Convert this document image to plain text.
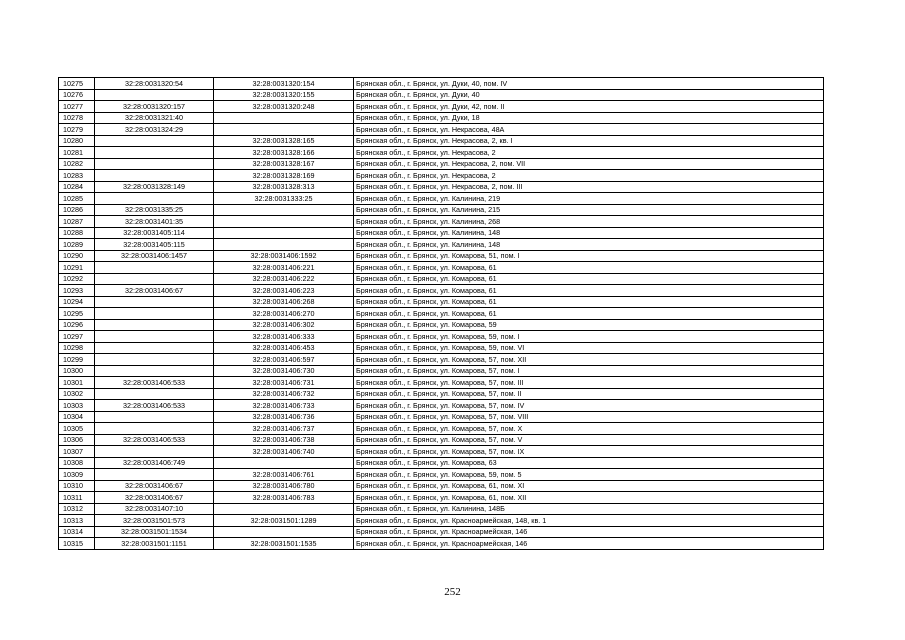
10275	32:28:0031320:54	32:28:0031320:154	Брянская обл., г. Брянск, ул. Дуки, 40, пом. IV
10276		32:28:0031320:155	Брянская обл., г. Брянск, ул. Дуки, 40
10277	32:28:0031320:157	32:28:0031320:248	Брянская обл., г. Брянск, ул. Дуки, 42, пом. II
10278	32:28:0031321:40		Брянская обл., г. Брянск, ул. Дуки, 18
10279	32:28:0031324:29		Брянская обл., г. Брянск, ул. Некрасова, 48А
10280		32:28:0031328:165	Брянская обл., г. Брянск, ул. Некрасова, 2, кв. I
10281		32:28:0031328:166	Брянская обл., г. Брянск, ул. Некрасова, 2
10282		32:28:0031328:167	Брянская обл., г. Брянск, ул. Некрасова, 2, пом. VII
10283		32:28:0031328:169	Брянская обл., г. Брянск, ул. Некрасова, 2
10284	32:28:0031328:149	32:28:0031328:313	Брянская обл., г. Брянск, ул. Некрасова, 2, пом. III
10285		32:28:0031333:25	Брянская обл., г. Брянск, ул. Калинина, 219
10286	32:28:0031335:25		Брянская обл., г. Брянск, ул. Калинина, 215
10287	32:28:0031401:35		Брянская обл., г. Брянск, ул. Калинина, 268
10288	32:28:0031405:114		Брянская обл., г. Брянск, ул. Калинина, 148
10289	32:28:0031405:115		Брянская обл., г. Брянск, ул. Калинина, 148
10290	32:28:0031406:1457	32:28:0031406:1592	Брянская обл., г. Брянск, ул. Комарова, 51, пом. I
10291		32:28:0031406:221	Брянская обл., г. Брянск, ул. Комарова, 61
10292		32:28:0031406:222	Брянская обл., г. Брянск, ул. Комарова, 61
10293	32:28:0031406:67	32:28:0031406:223	Брянская обл., г. Брянск, ул. Комарова, 61
10294		32:28:0031406:268	Брянская обл., г. Брянск, ул. Комарова, 61
10295		32:28:0031406:270	Брянская обл., г. Брянск, ул. Комарова, 61
10296		32:28:0031406:302	Брянская обл., г. Брянск, ул. Комарова, 59
10297		32:28:0031406:333	Брянская обл., г. Брянск, ул. Комарова, 59, пом. I
10298		32:28:0031406:453	Брянская обл., г. Брянск, ул. Комарова, 59, пом. VI
10299		32:28:0031406:597	Брянская обл., г. Брянск, ул. Комарова, 57, пом. XII
10300		32:28:0031406:730	Брянская обл., г. Брянск, ул. Комарова, 57, пом. I
10301	32:28:0031406:533	32:28:0031406:731	Брянская обл., г. Брянск, ул. Комарова, 57, пом. III
10302		32:28:0031406:732	Брянская обл., г. Брянск, ул. Комарова, 57, пом. II
10303	32:28:0031406:533	32:28:0031406:733	Брянская обл., г. Брянск, ул. Комарова, 57, пом. IV
10304		32:28:0031406:736	Брянская обл., г. Брянск, ул. Комарова, 57, пом. VIII
10305		32:28:0031406:737	Брянская обл., г. Брянск, ул. Комарова, 57, пом. X
10306	32:28:0031406:533	32:28:0031406:738	Брянская обл., г. Брянск, ул. Комарова, 57, пом. V
10307		32:28:0031406:740	Брянская обл., г. Брянск, ул. Комарова, 57, пом. IX
10308	32:28:0031406:749		Брянская обл., г. Брянск, ул. Комарова, 63
10309		32:28:0031406:761	Брянская обл., г. Брянск, ул. Комарова, 59, пом. 5
10310	32:28:0031406:67	32:28:0031406:780	Брянская обл., г. Брянск, ул. Комарова, 61, пом. XI
10311	32:28:0031406:67	32:28:0031406:783	Брянская обл., г. Брянск, ул. Комарова, 61, пом. XII
10312	32:28:0031407:10		Брянская обл., г. Брянск, ул. Калинина, 148Б
10313	32:28:0031501:573	32:28:0031501:1289	Брянская обл., г. Брянск, ул. Красноармейская, 148, кв. 1
10314	32:28:0031501:1534		Брянская обл., г. Брянск, ул. Красноармейская, 146
10315	32:28:0031501:1151	32:28:0031501:1535	Брянская обл., г. Брянск, ул. Красноармейская, 146
252
